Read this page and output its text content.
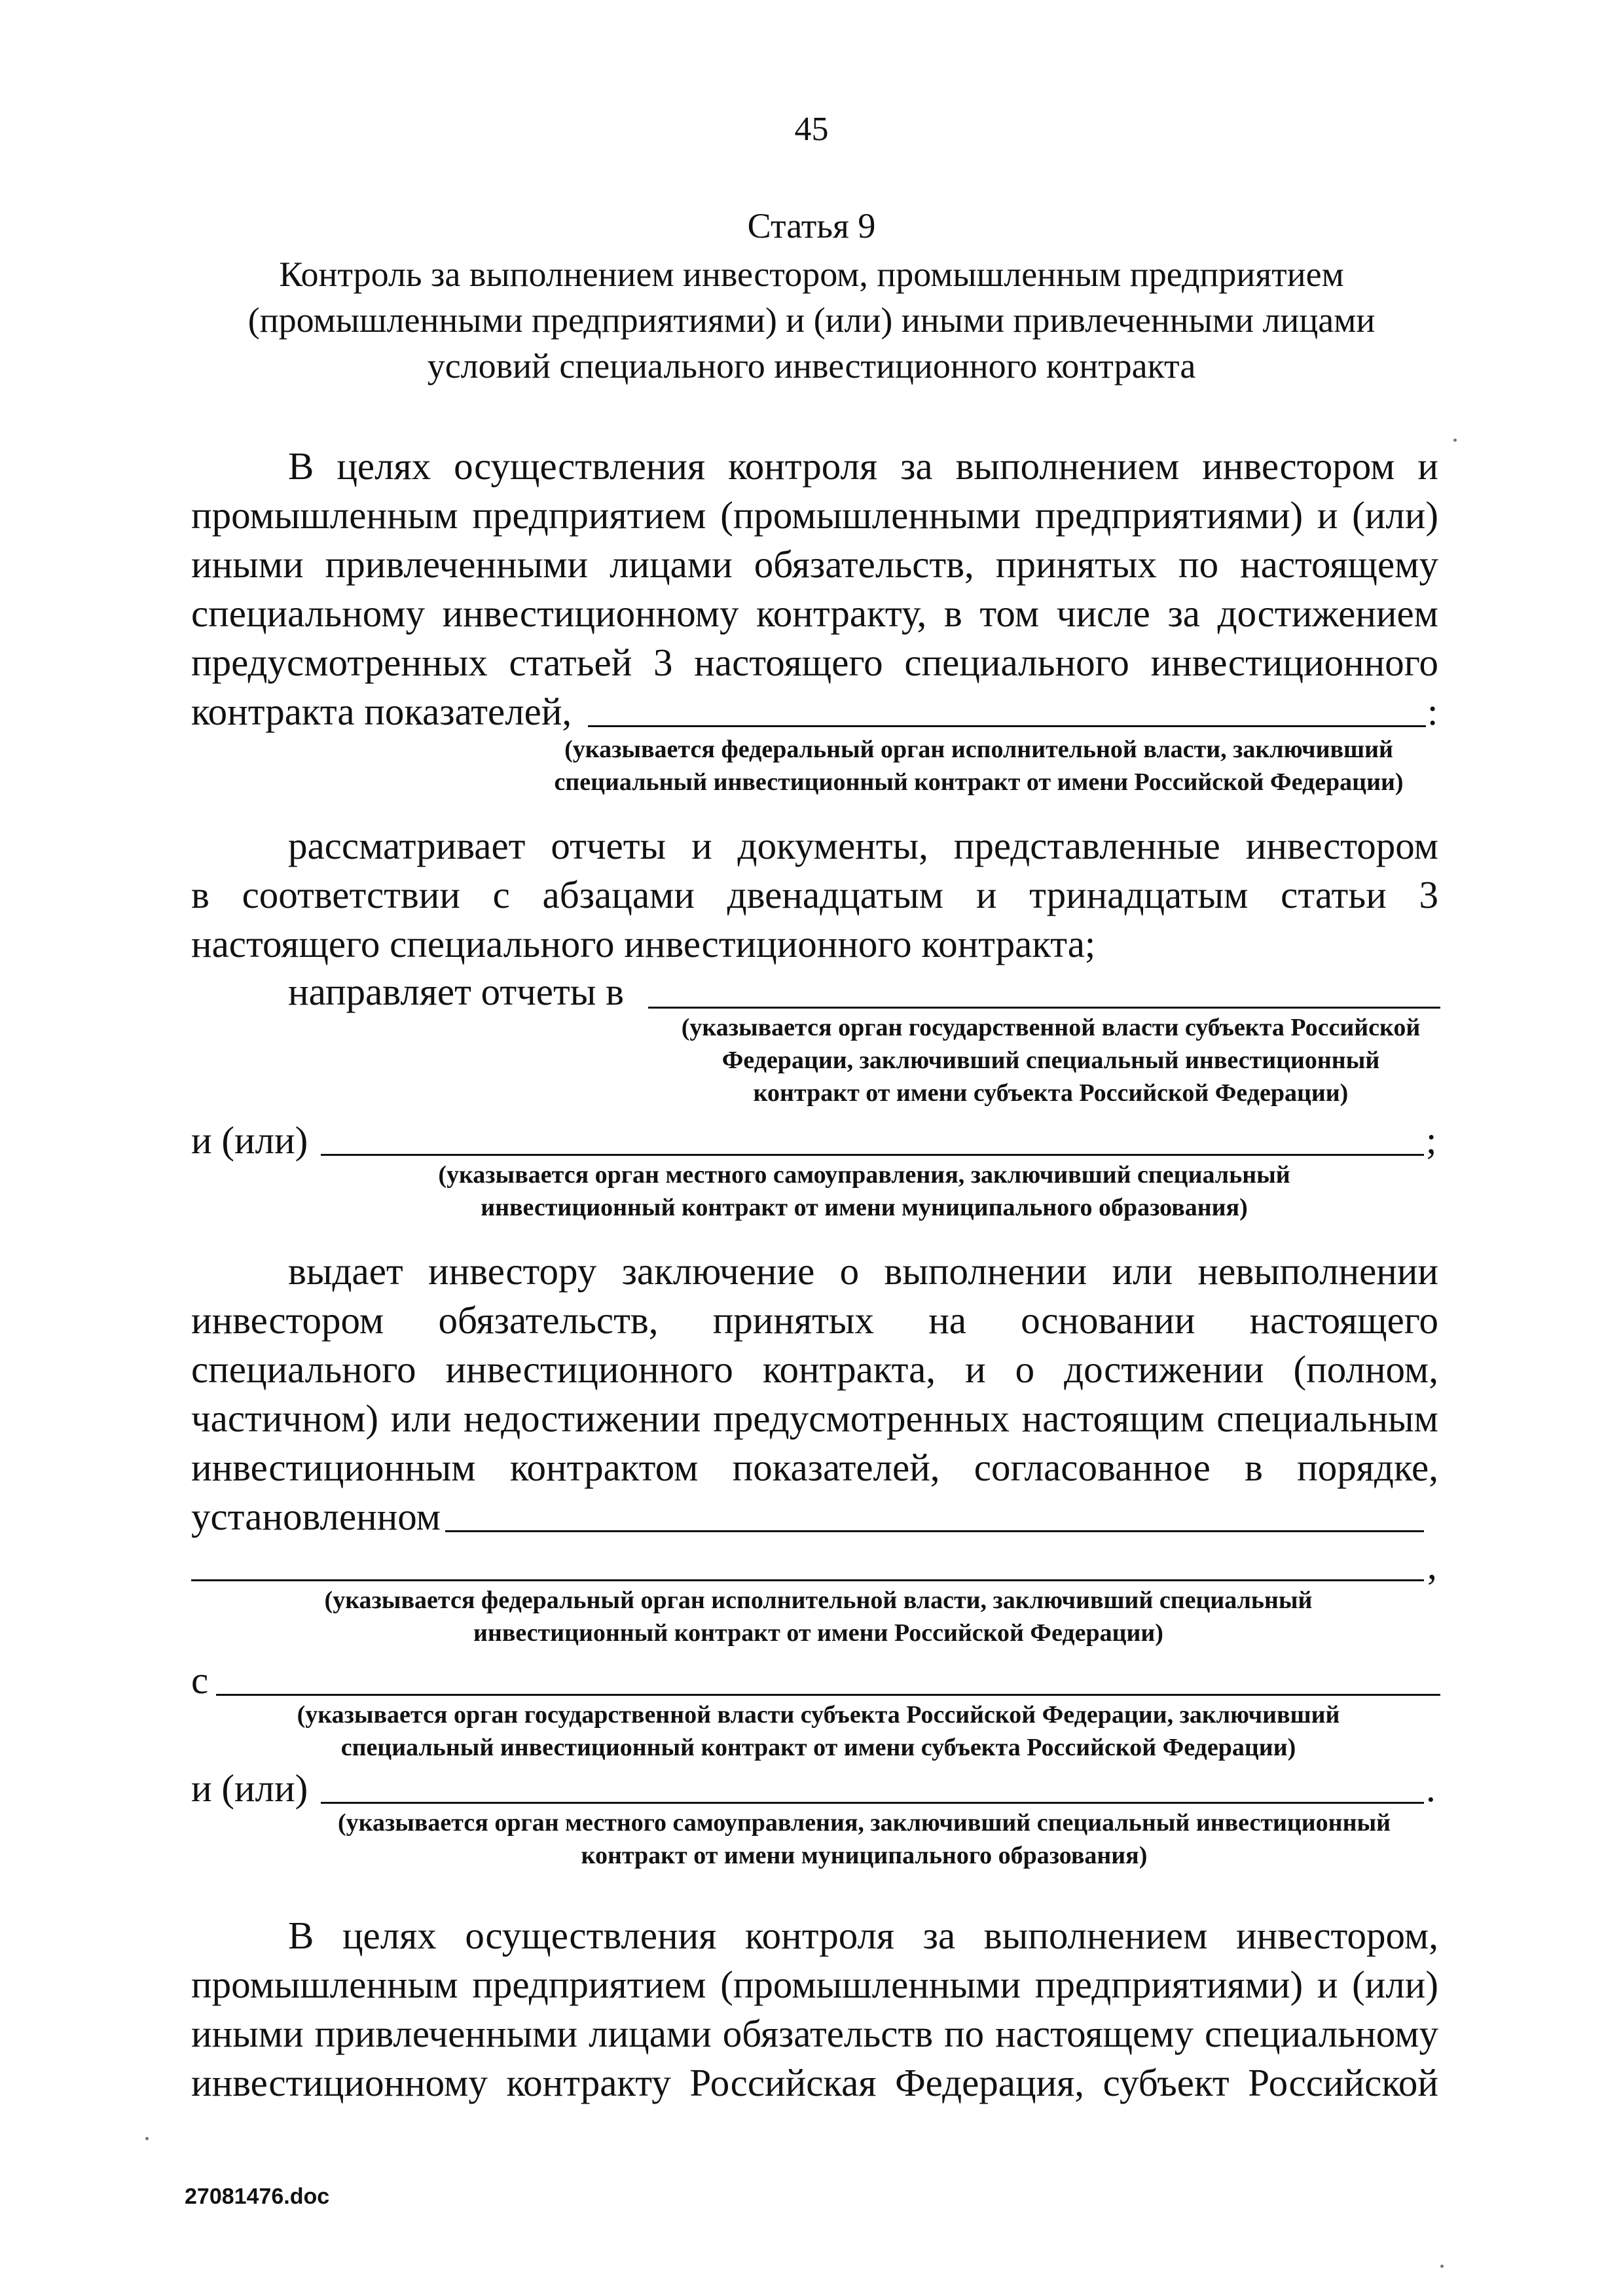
45
Статья 9
Контроль за выполнением инвестором, промышленным предприятием
(промышленными предприятиями) и (или) иными привлеченными лицами
условий специального инвестиционного контракта
В целях осуществления контроля за выполнением инвестором и
промышленным предприятием (промышленными предприятиями) и (или)
иными привлеченными лицами обязательств, принятых по настоящему
специальному инвестиционному контракту, в том числе за достижением
предусмотренных статьей 3 настоящего специального инвестиционного
контракта показателей,	:
(указывается федеральный орган исполнительной власти, заключивший
специальный инвестиционный контракт от имени Российской Федерации)
рассматривает отчеты и документы, представленные инвестором
в соответствии с абзацами двенадцатым и тринадцатым статьи 3
настоящего специального инвестиционного контракта;
направляет отчеты в
(указывается орган государственной власти субъекта Российской
Федерации, заключивший специальный инвестиционный
контракт от имени субъекта Российской Федерации)
и (или)	;
(указывается орган местного самоуправления, заключивший специальный
инвестиционный контракт от имени муниципального образования)
выдает инвестору заключение о выполнении или невыполнении
инвестором обязательств, принятых на основании настоящего
специального инвестиционного контракта, и о достижении (полном,
частичном) или недостижении предусмотренных настоящим специальным
инвестиционным контрактом показателей, согласованное в порядке,
установленном
,
(указывается федеральный орган исполнительной власти, заключивший специальный
инвестиционный контракт от имени Российской Федерации)
с
(указывается орган государственной власти субъекта Российской Федерации, заключивший
специальный инвестиционный контракт от имени субъекта Российской Федерации)
и (или)	.
(указывается орган местного самоуправления, заключивший специальный инвестиционный
контракт от имени муниципального образования)
В целях осуществления контроля за выполнением инвестором,
промышленным предприятием (промышленными предприятиями) и (или)
иными привлеченными лицами обязательств по настоящему специальному
инвестиционному контракту Российская Федерация, субъект Российской
27081476.doc
